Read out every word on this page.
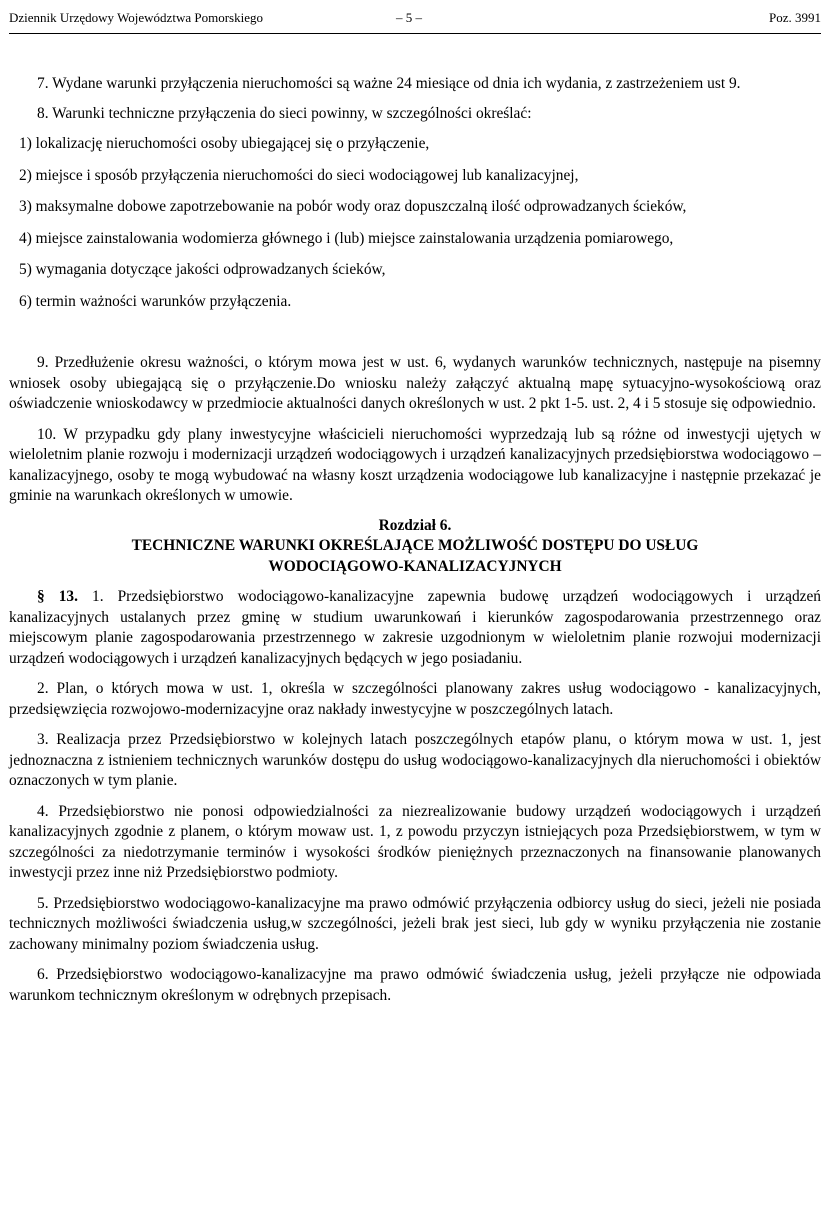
Dziennik Urzędowy Województwa Pomorskiego	– 5 –	Poz. 3991

7. Wydane warunki przyłączenia nieruchomości są ważne 24 miesiące od dnia ich wydania, z zastrzeżeniem ust 9.

8. Warunki techniczne przyłączenia do sieci powinny, w szczególności określać:

1) lokalizację nieruchomości osoby ubiegającej się o przyłączenie,

2) miejsce i sposób przyłączenia nieruchomości do sieci wodociągowej lub kanalizacyjnej,

3) maksymalne dobowe zapotrzebowanie na pobór wody oraz dopuszczalną ilość odprowadzanych ścieków,

4) miejsce zainstalowania wodomierza głównego i (lub) miejsce zainstalowania urządzenia pomiarowego,

5) wymagania dotyczące jakości odprowadzanych ścieków,

6) termin ważności warunków przyłączenia.

9. Przedłużenie okresu ważności, o którym mowa jest w ust. 6, wydanych warunków technicznych, następuje na pisemny wniosek osoby ubiegającą się o przyłączenie.Do wniosku należy załączyć aktualną mapę sytuacyjno-wysokościową oraz oświadczenie wnioskodawcy w przedmiocie aktualności danych określonych w ust. 2 pkt 1-5. ust. 2, 4 i 5 stosuje się odpowiednio.

10. W przypadku gdy plany inwestycyjne właścicieli nieruchomości wyprzedzają lub są różne od inwestycji ujętych w wieloletnim planie rozwoju i modernizacji urządzeń wodociągowych i urządzeń kanalizacyjnych przedsiębiorstwa wodociągowo – kanalizacyjnego, osoby te mogą wybudować na własny koszt urządzenia wodociągowe lub kanalizacyjne i następnie przekazać je gminie na warunkach określonych w umowie.

Rozdział 6.

TECHNICZNE WARUNKI OKREŚLAJĄCE MOŻLIWOŚĆ DOSTĘPU DO USŁUG

WODOCIĄGOWO-KANALIZACYJNYCH

§ 13. 1. Przedsiębiorstwo wodociągowo-kanalizacyjne zapewnia budowę urządzeń wodociągowych i urządzeń kanalizacyjnych ustalanych przez gminę w studium uwarunkowań i kierunków zagospodarowania przestrzennego oraz miejscowym planie zagospodarowania przestrzennego w zakresie uzgodnionym w wieloletnim planie rozwojui modernizacji urządzeń wodociągowych i urządzeń kanalizacyjnych będących w jego posiadaniu.

2. Plan, o których mowa w ust. 1, określa w szczególności planowany zakres usług wodociągowo - kanalizacyjnych, przedsięwzięcia rozwojowo-modernizacyjne oraz nakłady inwestycyjne w poszczególnych latach.

3. Realizacja przez Przedsiębiorstwo w kolejnych latach poszczególnych etapów planu, o którym mowa w ust. 1, jest jednoznaczna z istnieniem technicznych warunków dostępu do usług wodociągowo-kanalizacyjnych dla nieruchomości i obiektów oznaczonych w tym planie.

4. Przedsiębiorstwo nie ponosi odpowiedzialności za niezrealizowanie budowy urządzeń wodociągowych i urządzeń kanalizacyjnych zgodnie z planem, o którym mowaw ust. 1, z powodu przyczyn istniejących poza Przedsiębiorstwem, w tym w szczególności za niedotrzymanie terminów i wysokości środków pieniężnych przeznaczonych na finansowanie planowanych inwestycji przez inne niż Przedsiębiorstwo podmioty.

5. Przedsiębiorstwo wodociągowo-kanalizacyjne ma prawo odmówić przyłączenia odbiorcy usług do sieci, jeżeli nie posiada technicznych możliwości świadczenia usług,w szczególności, jeżeli brak jest sieci, lub gdy w wyniku przyłączenia nie zostanie zachowany minimalny poziom świadczenia usług.

6. Przedsiębiorstwo wodociągowo-kanalizacyjne ma prawo odmówić świadczenia usług, jeżeli przyłącze nie odpowiada warunkom technicznym określonym w odrębnych przepisach.
